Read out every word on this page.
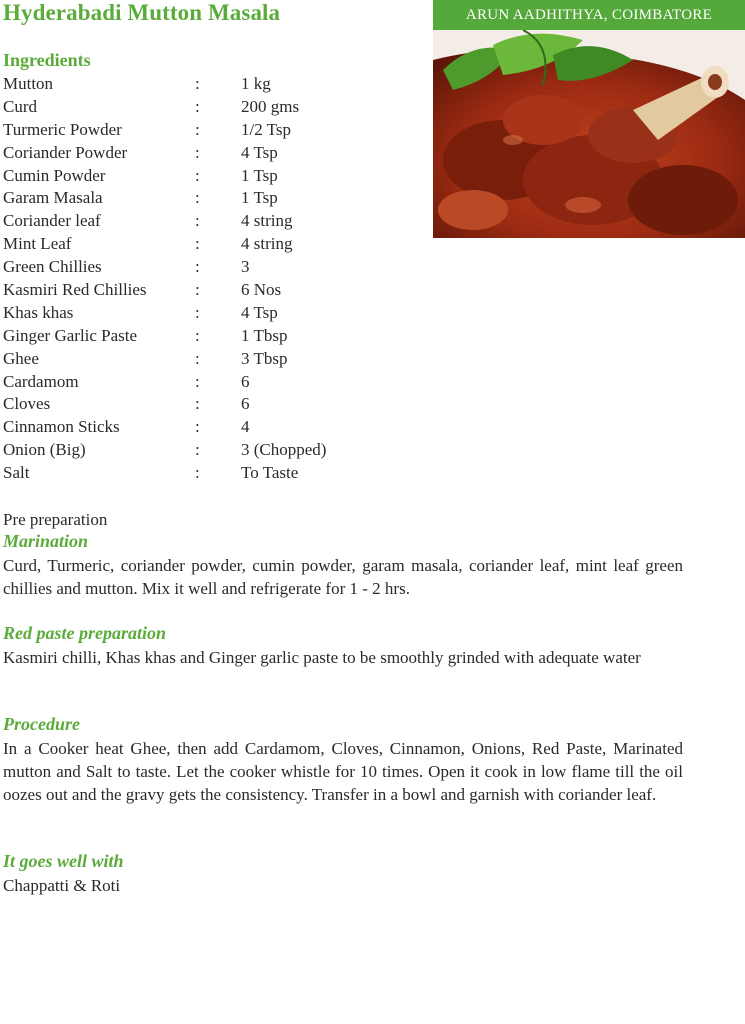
Hyderabadi Mutton Masala	ARUN AADHITHYA, COIMBATORE
Ingredients
Mutton	: 1 kg
Curd	: 200 gms
Turmeric Powder	: 1/2 Tsp
Coriander Powder	: 4 Tsp
Cumin Powder	: 1 Tsp
Garam Masala	: 1 Tsp
Coriander leaf	: 4 string
Mint Leaf	: 4 string
Green Chillies	: 3
Kasmiri Red Chillies	: 6 Nos
Khas khas	: 4 Tsp
Ginger Garlic Paste	: 1 Tbsp
Ghee	: 3 Tbsp
Cardamom	: 6
Cloves	: 6
Cinnamon Sticks	: 4
Onion (Big)	: 3 (Chopped)
Salt	: To Taste
Pre preparation
Marination
Curd, Turmeric, coriander powder, cumin powder, garam masala, coriander leaf, mint leaf green chillies and mutton. Mix it well and refrigerate for 1 - 2 hrs.
Red paste preparation
Kasmiri chilli, Khas khas and Ginger garlic paste to be smoothly grinded with adequate water
Procedure
In a Cooker heat Ghee, then add Cardamom, Cloves, Cinnamon, Onions, Red Paste, Marinated mutton and Salt to taste. Let the cooker whistle for 10 times. Open it cook in low flame till the oil oozes out and the gravy gets the consistency. Transfer in a bowl and garnish with coriander leaf.
It goes well with
Chappatti & Roti
